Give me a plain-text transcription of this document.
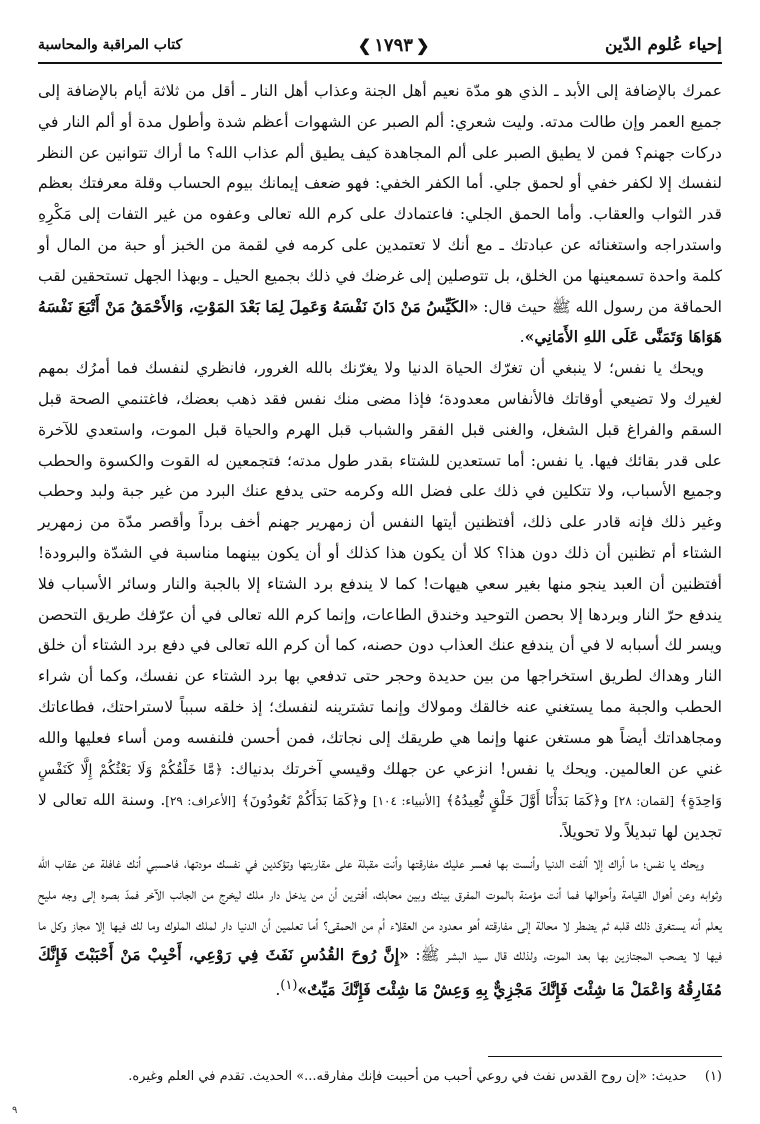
إحياء عُلوم الدّين
❮١٧٩٣❯
كتاب المراقبة والمحاسبة

عمرك بالإضافة إلى الأبد ـ الذي هو مدّة نعيم أهل الجنة وعذاب أهل النار ـ أقل من ثلاثة أيام بالإضافة إلى جميع العمر وإن طالت مدته. وليت شعري: ألم الصبر عن الشهوات أعظم شدة وأطول مدة أو ألم النار في دركات جهنم؟ فمن لا يطيق الصبر على ألم المجاهدة كيف يطيق ألم عذاب الله؟ ما أراك تتوانين عن النظر لنفسك إلا لكفر خفي أو لحمق جلي. أما الكفر الخفي: فهو ضعف إيمانك بيوم الحساب وقلة معرفتك بعظم قدر الثواب والعقاب. وأما الحمق الجلي: فاعتمادك على كرم الله تعالى وعفوه من غير التفات إلى مَكْرِهِ واستدراجه واستغنائه عن عبادتك ـ مع أنك لا تعتمدين على كرمه في لقمة من الخبز أو حبة من المال أو كلمة واحدة تسمعينها من الخلق، بل تتوصلين إلى غرضك في ذلك بجميع الحيل ـ وبهذا الجهل تستحقين لقب الحماقة من رسول الله ﷺ حيث قال: «الكَيِّسُ مَنْ دَانَ نَفْسَهُ وَعَمِلَ لِمَا بَعْدَ المَوْتِ، وَالأَحْمَقُ مَنْ أَتْبَعَ نَفْسَهُ هَوَاهَا وَتَمَنَّى عَلَى اللهِ الأَمَانِي».

ويحك يا نفس؛ لا ينبغي أن تغرّك الحياة الدنيا ولا يغرّنك بالله الغرور، فانظري لنفسك فما أمرُك بمهم لغيرك ولا تضيعي أوقاتك فالأنفاس معدودة؛ فإذا مضى منك نفس فقد ذهب بعضك، فاغتنمي الصحة قبل السقم والفراغ قبل الشغل، والغنى قبل الفقر والشباب قبل الهرم والحياة قبل الموت، واستعدي للآخرة على قدر بقائك فيها. يا نفس: أما تستعدين للشتاء بقدر طول مدته؛ فتجمعين له القوت والكسوة والحطب وجميع الأسباب، ولا تتكلين في ذلك على فضل الله وكرمه حتى يدفع عنك البرد من غير جبة ولبد وحطب وغير ذلك فإنه قادر على ذلك، أفتظنين أيتها النفس أن زمهرير جهنم أخف برداً وأقصر مدّة من زمهرير الشتاء أم تظنين أن ذلك دون هذا؟ كلا أن يكون هذا كذلك أو أن يكون بينهما مناسبة في الشدّة والبرودة! أفتظنين أن العبد ينجو منها بغير سعي هيهات! كما لا يندفع برد الشتاء إلا بالجبة والنار وسائر الأسباب فلا يندفع حرّ النار وبردها إلا بحصن التوحيد وخندق الطاعات، وإنما كرم الله تعالى في أن عرّفك طريق التحصن ويسر لك أسبابه لا في أن يندفع عنك العذاب دون حصنه، كما أن كرم الله تعالى في دفع برد الشتاء أن خلق النار وهداك لطريق استخراجها من بين حديدة وحجر حتى تدفعي بها برد الشتاء عن نفسك، وكما أن شراء الحطب والجبة مما يستغني عنه خالقك ومولاك وإنما تشترينه لنفسك؛ إذ خلقه سبباً لاستراحتك، فطاعاتك ومجاهداتك أيضاً هو مستغن عنها وإنما هي طريقك إلى نجاتك، فمن أحسن فلنفسه ومن أساء فعليها والله غني عن العالمين. ويحك يا نفس! انزعي عن جهلك وقيسي آخرتك بدنياك: ﴿مَّا خَلْقُكُمْ وَلَا بَعْثُكُمْ إِلَّا كَنَفْسٍ وَاحِدَةٍ﴾ [لقمان: ٢٨] و﴿كَمَا بَدَأْنَا أَوَّلَ خَلْقٍ نُّعِيدُهُ﴾ [الأنبياء: ١٠٤] و﴿كَمَا بَدَأَكُمْ تَعُودُونَ﴾ [الأعراف: ٢٩]. وسنة الله تعالى لا تجدين لها تبديلاً ولا تحويلاً.

ويحك يا نفس؛ ما أراك إلا ألفت الدنيا وأنست بها فعسر عليك مفارقتها وأنت مقبلة على مقاربتها وتؤكدين في نفسك مودتها، فاحسبي أنك غافلة عن عقاب الله وثوابه وعن أهوال القيامة وأحوالها فما أنت مؤمنة بالموت المفرق بينك وبين محابك، أفترين أن من يدخل دار ملك ليخرج من الجانب الآخر فمدّ بصره إلى وجه مليح يعلم أنه يستغرق ذلك قلبه ثم يضطر لا محالة إلى مفارقته أهو معدود من العقلاء أم من الحمقى؟ أما تعلمين أن الدنيا دار لملك الملوك وما لك فيها إلا مجاز وكل ما فيها لا يصحب المجتازين بها بعد الموت، ولذلك قال سيد البشر ﷺ: «إِنَّ رُوحَ القُدُسِ نَفَثَ فِي رَوْعِي، أَحْبِبْ مَنْ أَحْبَبْتَ فَإِنَّكَ مُفَارِقُهُ وَاعْمَلْ مَا شِئْتَ فَإِنَّكَ مَجْزِيٌّ بِهِ وَعِشْ مَا شِئْتَ فَإِنَّكَ مَيِّتٌ»$^{(١)}$.

(١)حديث: «إن روح القدس نفث في روعي أحبب من أحببت فإنك مفارقه...» الحديث. تقدم في العلم وغيره.
٩
